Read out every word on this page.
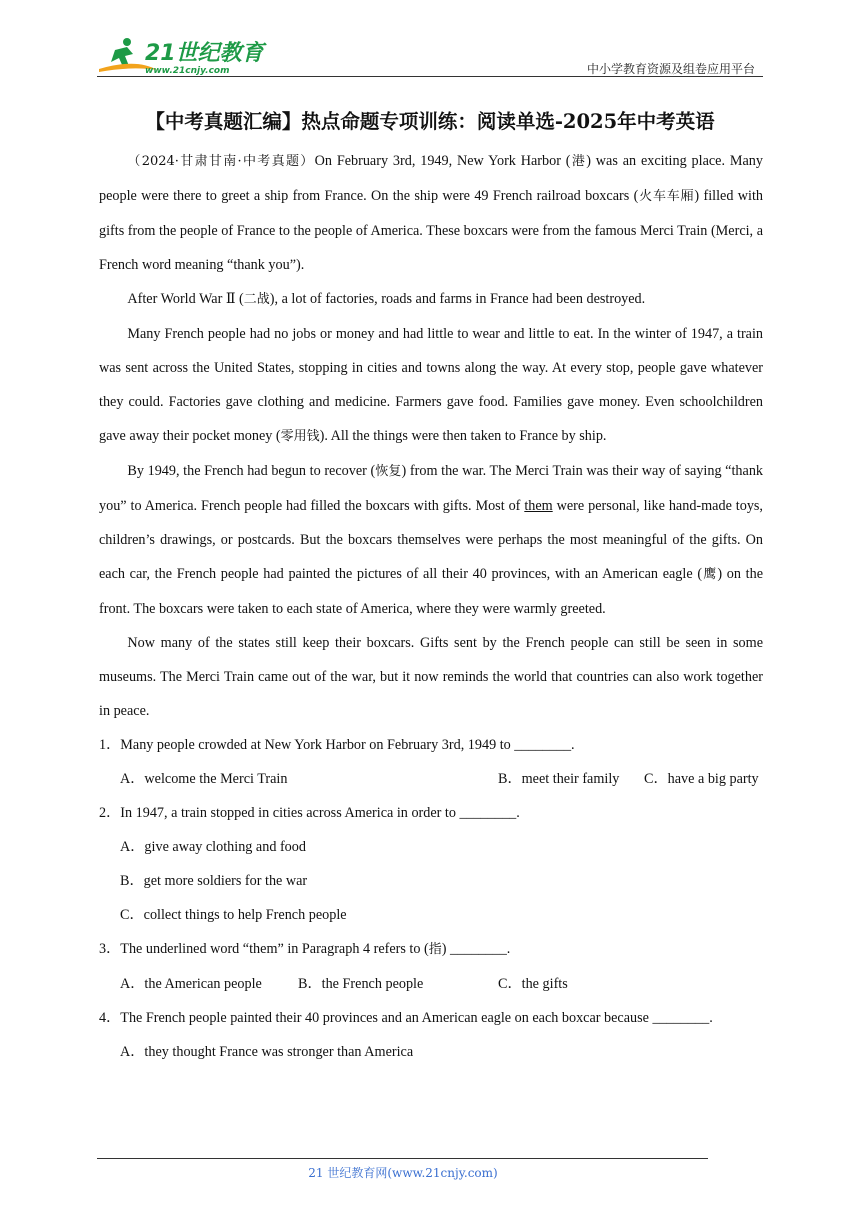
21世纪教育
www.21cnjy.com	中小学教育资源及组卷应用平台
【中考真题汇编】热点命题专项训练：阅读单选-2025年中考英语

（2024·甘肃甘南·中考真题）On February 3rd, 1949, New York Harbor (港) was an exciting place. Many people were there to greet a ship from France. On the ship were 49 French railroad boxcars (火车车厢) filled with gifts from the people of France to the people of America. These boxcars were from the famous Merci Train (Merci, a French word meaning “thank you”).

After World War Ⅱ (二战), a lot of factories, roads and farms in France had been destroyed.

Many French people had no jobs or money and had little to wear and little to eat. In the winter of 1947, a train was sent across the United States, stopping in cities and towns along the way. At every stop, people gave whatever they could. Factories gave clothing and medicine. Farmers gave food. Families gave money. Even schoolchildren gave away their pocket money (零用钱). All the things were then taken to France by ship.

By 1949, the French had begun to recover (恢复) from the war. The Merci Train was their way of saying “thank you” to America. French people had filled the boxcars with gifts. Most of them were personal, like hand-made toys, children’s drawings, or postcards. But the boxcars themselves were perhaps the most meaningful of the gifts. On each car, the French people had painted the pictures of all their 40 provinces, with an American eagle (鹰) on the front. The boxcars were taken to each state of America, where they were warmly greeted.

Now many of the states still keep their boxcars. Gifts sent by the French people can still be seen in some museums. The Merci Train came out of the war, but it now reminds the world that countries can also work together in peace.

1．Many people crowded at New York Harbor on February 3rd, 1949 to ________.

A．welcome the Merci Train	B．meet their family C．have a big party

2．In 1947, a train stopped in cities across America in order to ________.

A．give away clothing and food

B．get more soldiers for the war

C．collect things to help French people

3．The underlined word “them” in Paragraph 4 refers to (指) ________.

A．the American people	B．the French people	C．the gifts

4．The French people painted their 40 provinces and an American eagle on each boxcar because ________.

A．they thought France was stronger than America

21 世纪教育网(www.21cnjy.com)
